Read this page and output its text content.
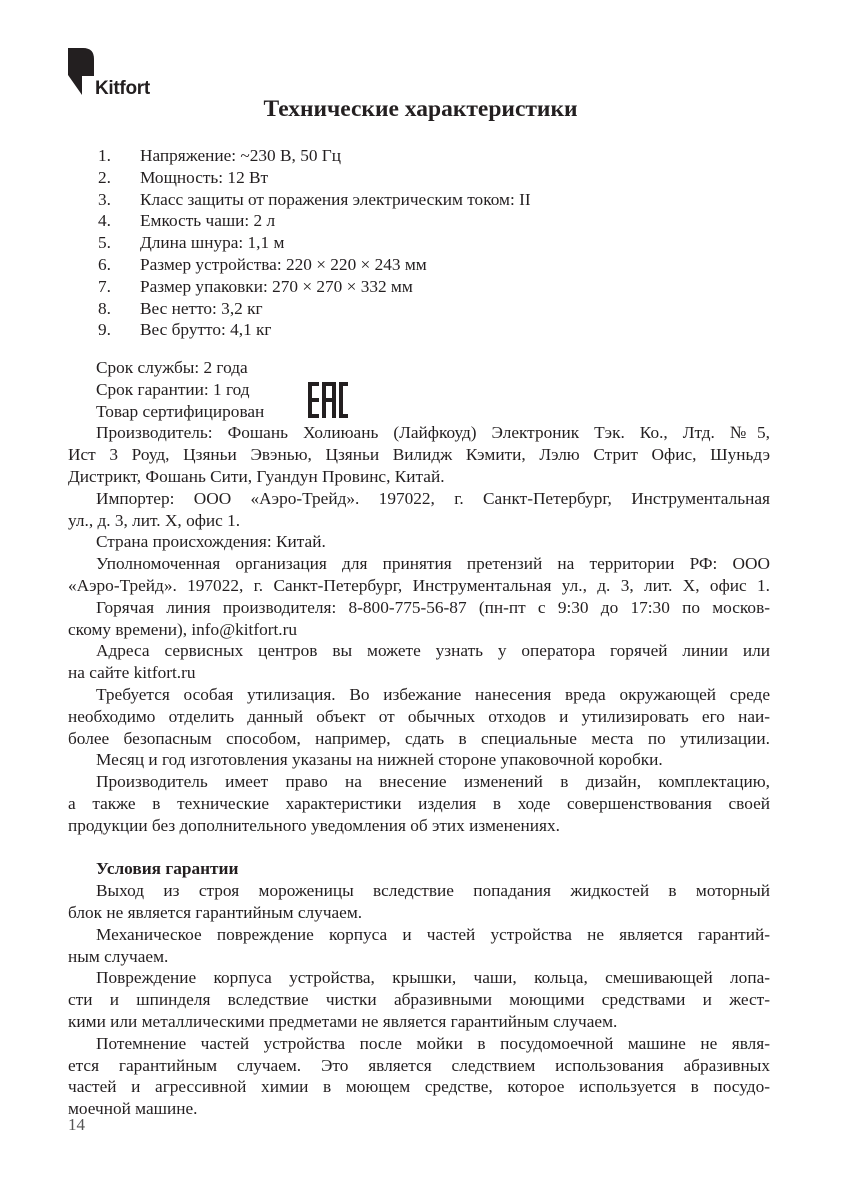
Kitfort
Технические характеристики
1. Напряжение: ~230 В, 50 Гц
2. Мощность: 12 Вт
3. Класс защиты от поражения электрическим током: II
4. Емкость чаши: 2 л
5. Длина шнура: 1,1 м
6. Размер устройства: 220 × 220 × 243 мм
7. Размер упаковки: 270 × 270 × 332 мм
8. Вес нетто: 3,2 кг
9. Вес брутто: 4,1 кг
Срок службы: 2 года
Срок гарантии: 1 год
Товар сертифицирован
Производитель: Фошань Холиюань (Лайфкоуд) Электроник Тэк. Ко., Лтд. №5,
Ист 3 Роуд, Цзяньи Эвэнью, Цзяньи Вилидж Кэмити, Лэлю Стрит Офис, Шуньдэ
Дистрикт, Фошань Сити, Гуандун Провинс, Китай.
Импортер: ООО «Аэро-Трейд». 197022, г. Санкт-Петербург, Инструментальная
ул., д. 3, лит. Х, офис 1.
Страна происхождения: Китай.
Уполномоченная организация для принятия претензий на территории РФ: ООО
«Аэро-Трейд». 197022, г. Санкт-Петербург, Инструментальная ул., д. 3, лит. Х, офис 1.
Горячая линия производителя: 8-800-775-56-87 (пн-пт с 9:30 до 17:30 по москов-
скому времени), info@kitfort.ru
Адреса сервисных центров вы можете узнать у оператора горячей линии или
на сайте kitfort.ru
Требуется особая утилизация. Во избежание нанесения вреда окружающей среде
необходимо отделить данный объект от обычных отходов и утилизировать его наи-
более безопасным способом, например, сдать в специальные места по утилизации.
Месяц и год изготовления указаны на нижней стороне упаковочной коробки.
Производитель имеет право на внесение изменений в дизайн, комплектацию,
а также в технические характеристики изделия в ходе совершенствования своей
продукции без дополнительного уведомления об этих изменениях.
Условия гарантии
Выход из строя мороженицы вследствие попадания жидкостей в моторный
блок не является гарантийным случаем.
Механическое повреждение корпуса и частей устройства не является гарантий-
ным случаем.
Повреждение корпуса устройства, крышки, чаши, кольца, смешивающей лопа-
сти и шпинделя вследствие чистки абразивными моющими средствами и жест-
кими или металлическими предметами не является гарантийным случаем.
Потемнение частей устройства после мойки в посудомоечной машине не явля-
ется гарантийным случаем. Это является следствием использования абразивных
частей и агрессивной химии в моющем средстве, которое используется в посудо-
моечной машине.
14
